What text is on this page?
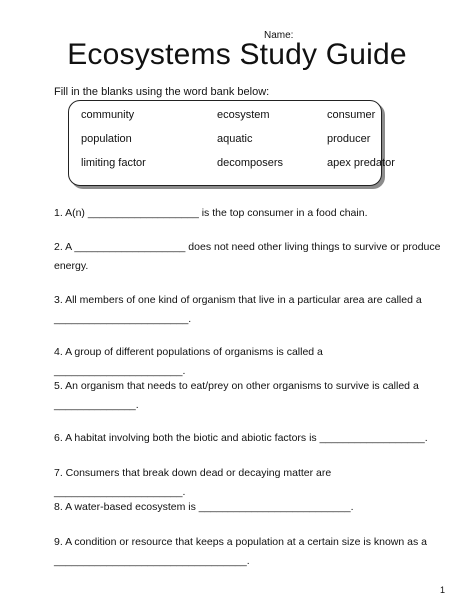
Name:
Ecosystems Study Guide
Fill in the blanks using the word bank below:
community	ecosystem	consumer
population	aquatic	producer
limiting factor	decomposers	apex predator
1. A(n) ___________________ is the top consumer in a food chain.
2. A ___________________ does not need other living things to survive or produce energy.
3. All members of one kind of organism that live in a particular area are called a _______________________.
4. A group of different populations of organisms is called a ______________________.
5. An organism that needs to eat/prey on other organisms to survive is called a ______________.
6. A habitat involving both the biotic and abiotic factors is __________________.
7. Consumers that break down dead or decaying matter are ______________________.
8. A water-based ecosystem is __________________________.
9. A condition or resource that keeps a population at a certain size is known as a _________________________________.
1
